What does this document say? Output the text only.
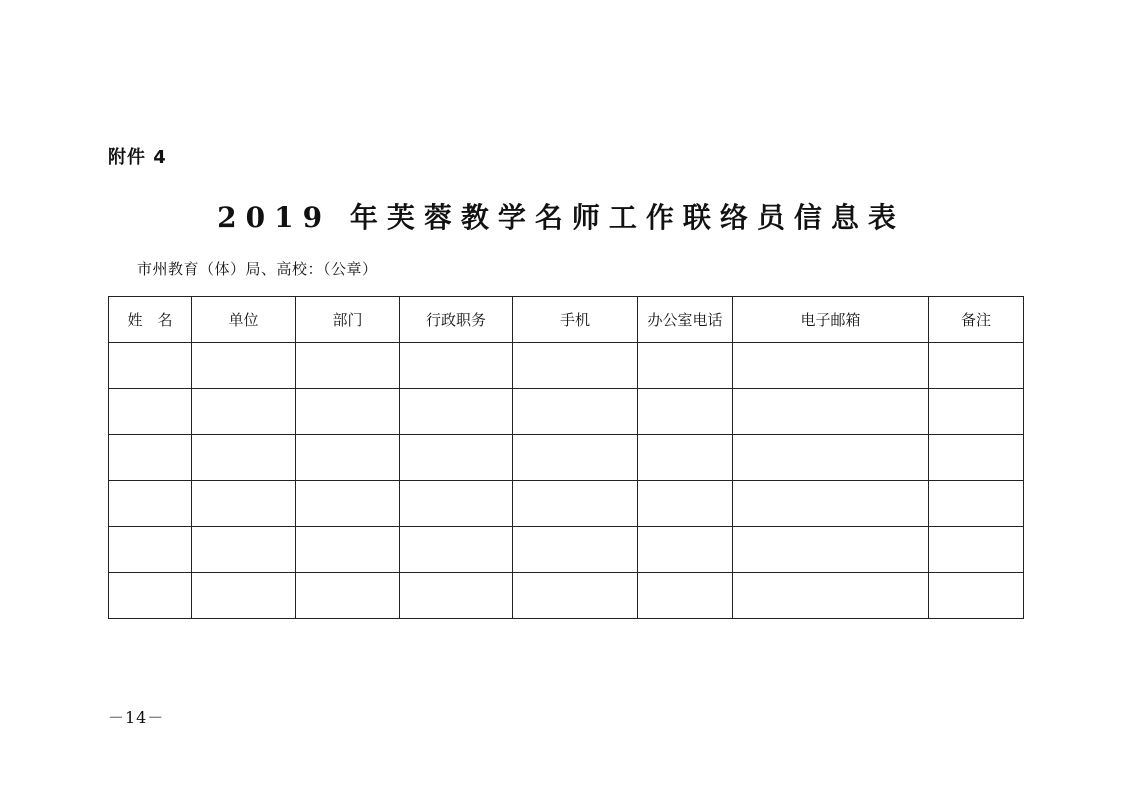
附件 4
2019 年芙蓉教学名师工作联络员信息表
市州教育（体）局、高校：（公章）
姓　名	单位	部门	行政职务	手机	办公室电话	电子邮箱	备注

－14－
